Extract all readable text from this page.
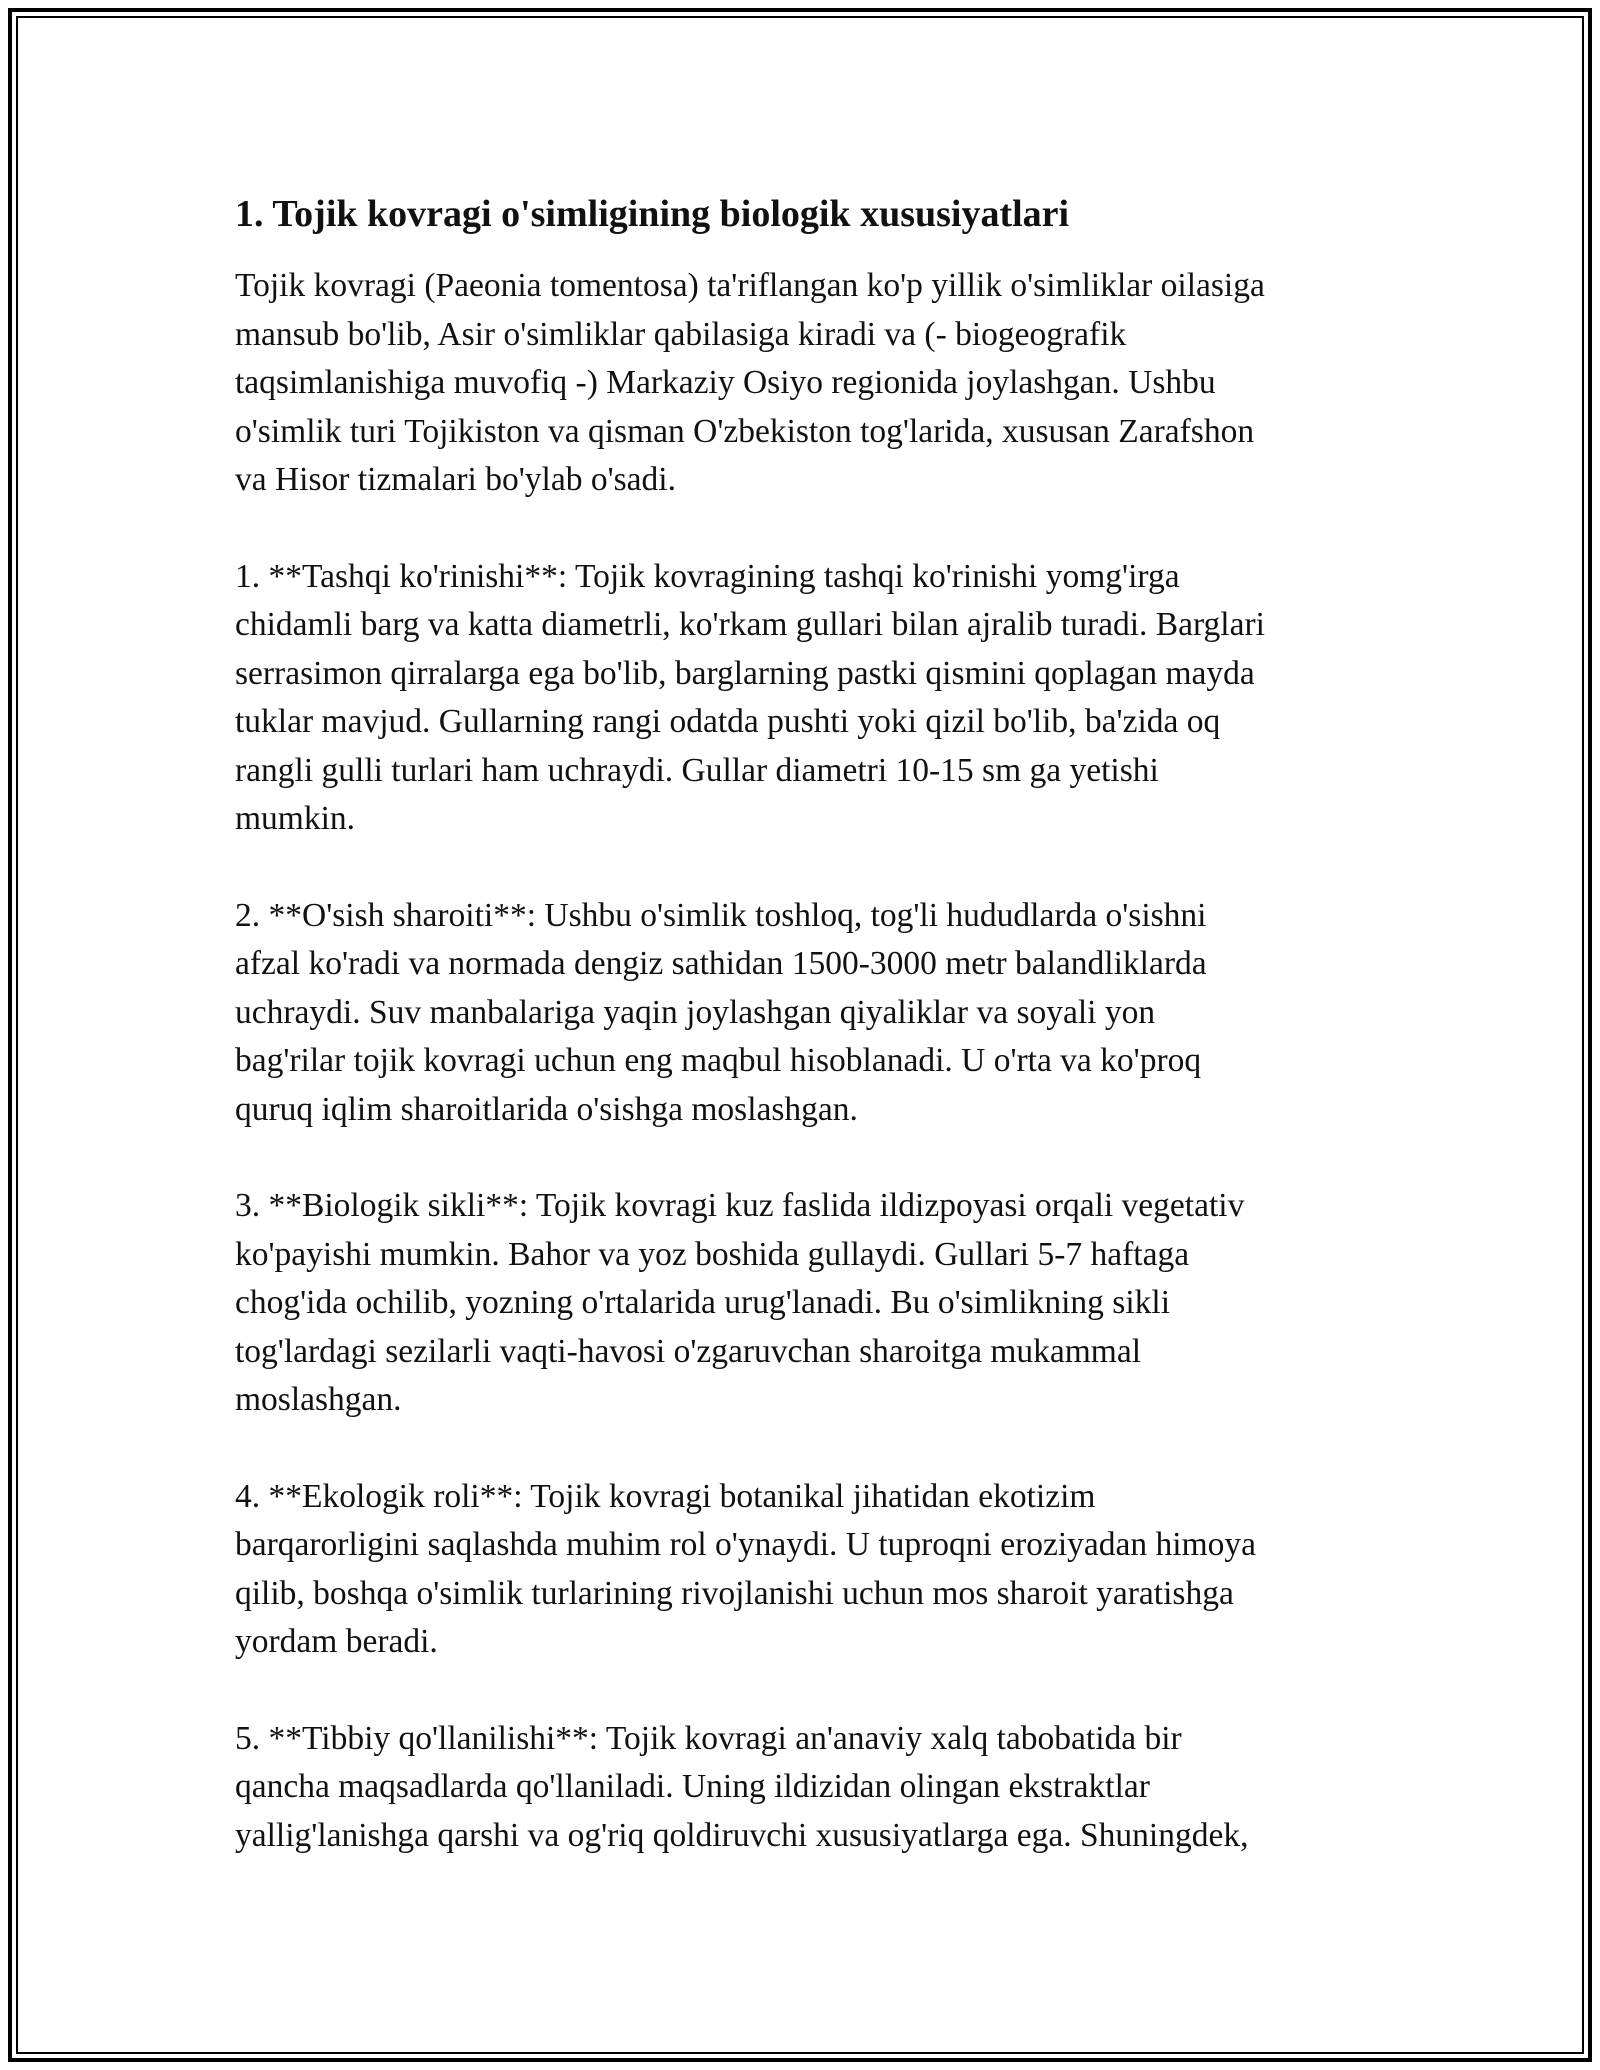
1. Tojik kovragi o'simligining biologik xususiyatlari

Tojik kovragi (Paeonia tomentosa) ta'riflangan ko'p yillik o'simliklar oilasiga
mansub bo'lib, Asir o'simliklar qabilasiga kiradi va (- biogeografik
taqsimlanishiga muvofiq -) Markaziy Osiyo regionida joylashgan. Ushbu
o'simlik turi Tojikiston va qisman O'zbekiston tog'larida, xususan Zarafshon
va Hisor tizmalari bo'ylab o'sadi.

1. **Tashqi ko'rinishi**: Tojik kovragining tashqi ko'rinishi yomg'irga
chidamli barg va katta diametrli, ko'rkam gullari bilan ajralib turadi. Barglari
serrasimon qirralarga ega bo'lib, barglarning pastki qismini qoplagan mayda
tuklar mavjud. Gullarning rangi odatda pushti yoki qizil bo'lib, ba'zida oq
rangli gulli turlari ham uchraydi. Gullar diametri 10-15 sm ga yetishi
mumkin.

2. **O'sish sharoiti**: Ushbu o'simlik toshloq, tog'li hududlarda o'sishni
afzal ko'radi va normada dengiz sathidan 1500-3000 metr balandliklarda
uchraydi. Suv manbalariga yaqin joylashgan qiyaliklar va soyali yon
bag'rilar tojik kovragi uchun eng maqbul hisoblanadi. U o'rta va ko'proq
quruq iqlim sharoitlarida o'sishga moslashgan.

3. **Biologik sikli**: Tojik kovragi kuz faslida ildizpoyasi orqali vegetativ
ko'payishi mumkin. Bahor va yoz boshida gullaydi. Gullari 5-7 haftaga
chog'ida ochilib, yozning o'rtalarida urug'lanadi. Bu o'simlikning sikli
tog'lardagi sezilarli vaqti-havosi o'zgaruvchan sharoitga mukammal
moslashgan.

4. **Ekologik roli**: Tojik kovragi botanikal jihatidan ekotizim
barqarorligini saqlashda muhim rol o'ynaydi. U tuproqni eroziyadan himoya
qilib, boshqa o'simlik turlarining rivojlanishi uchun mos sharoit yaratishga
yordam beradi.

5. **Tibbiy qo'llanilishi**: Tojik kovragi an'anaviy xalq tabobatida bir
qancha maqsadlarda qo'llaniladi. Uning ildizidan olingan ekstraktlar
yallig'lanishga qarshi va og'riq qoldiruvchi xususiyatlarga ega. Shuningdek,
